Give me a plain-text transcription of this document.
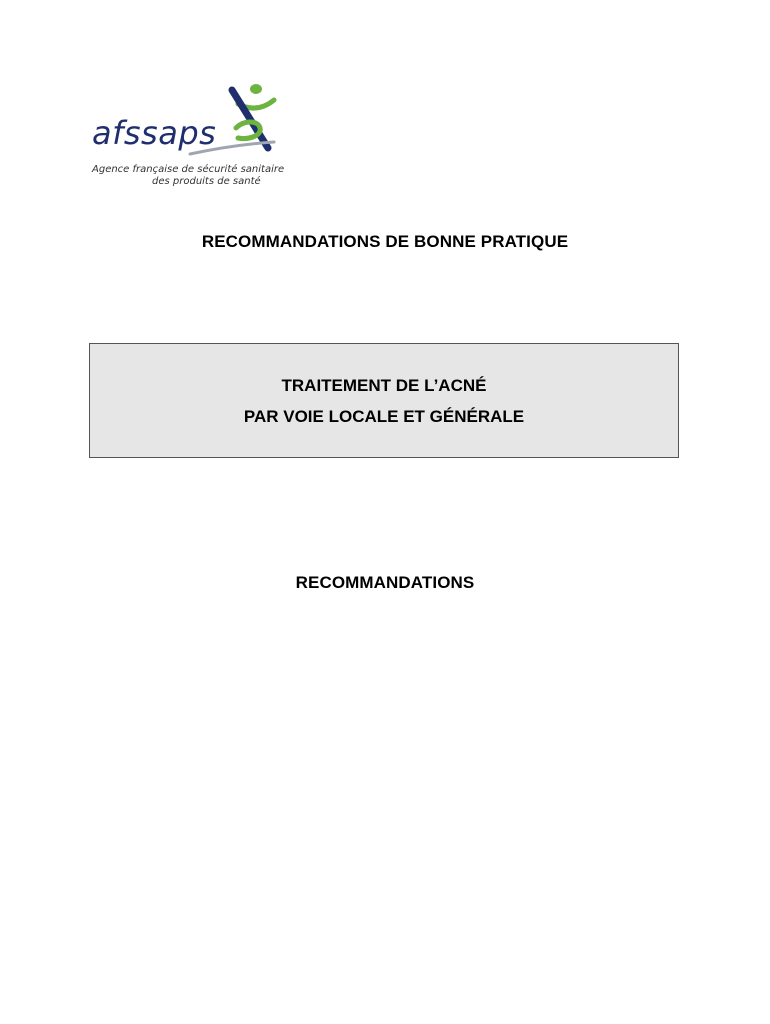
afssaps
Agence française de sécurité sanitaire
des produits de santé
RECOMMANDATIONS DE BONNE PRATIQUE
TRAITEMENT DE L’ACNÉ
PAR VOIE LOCALE ET GÉNÉRALE
RECOMMANDATIONS
